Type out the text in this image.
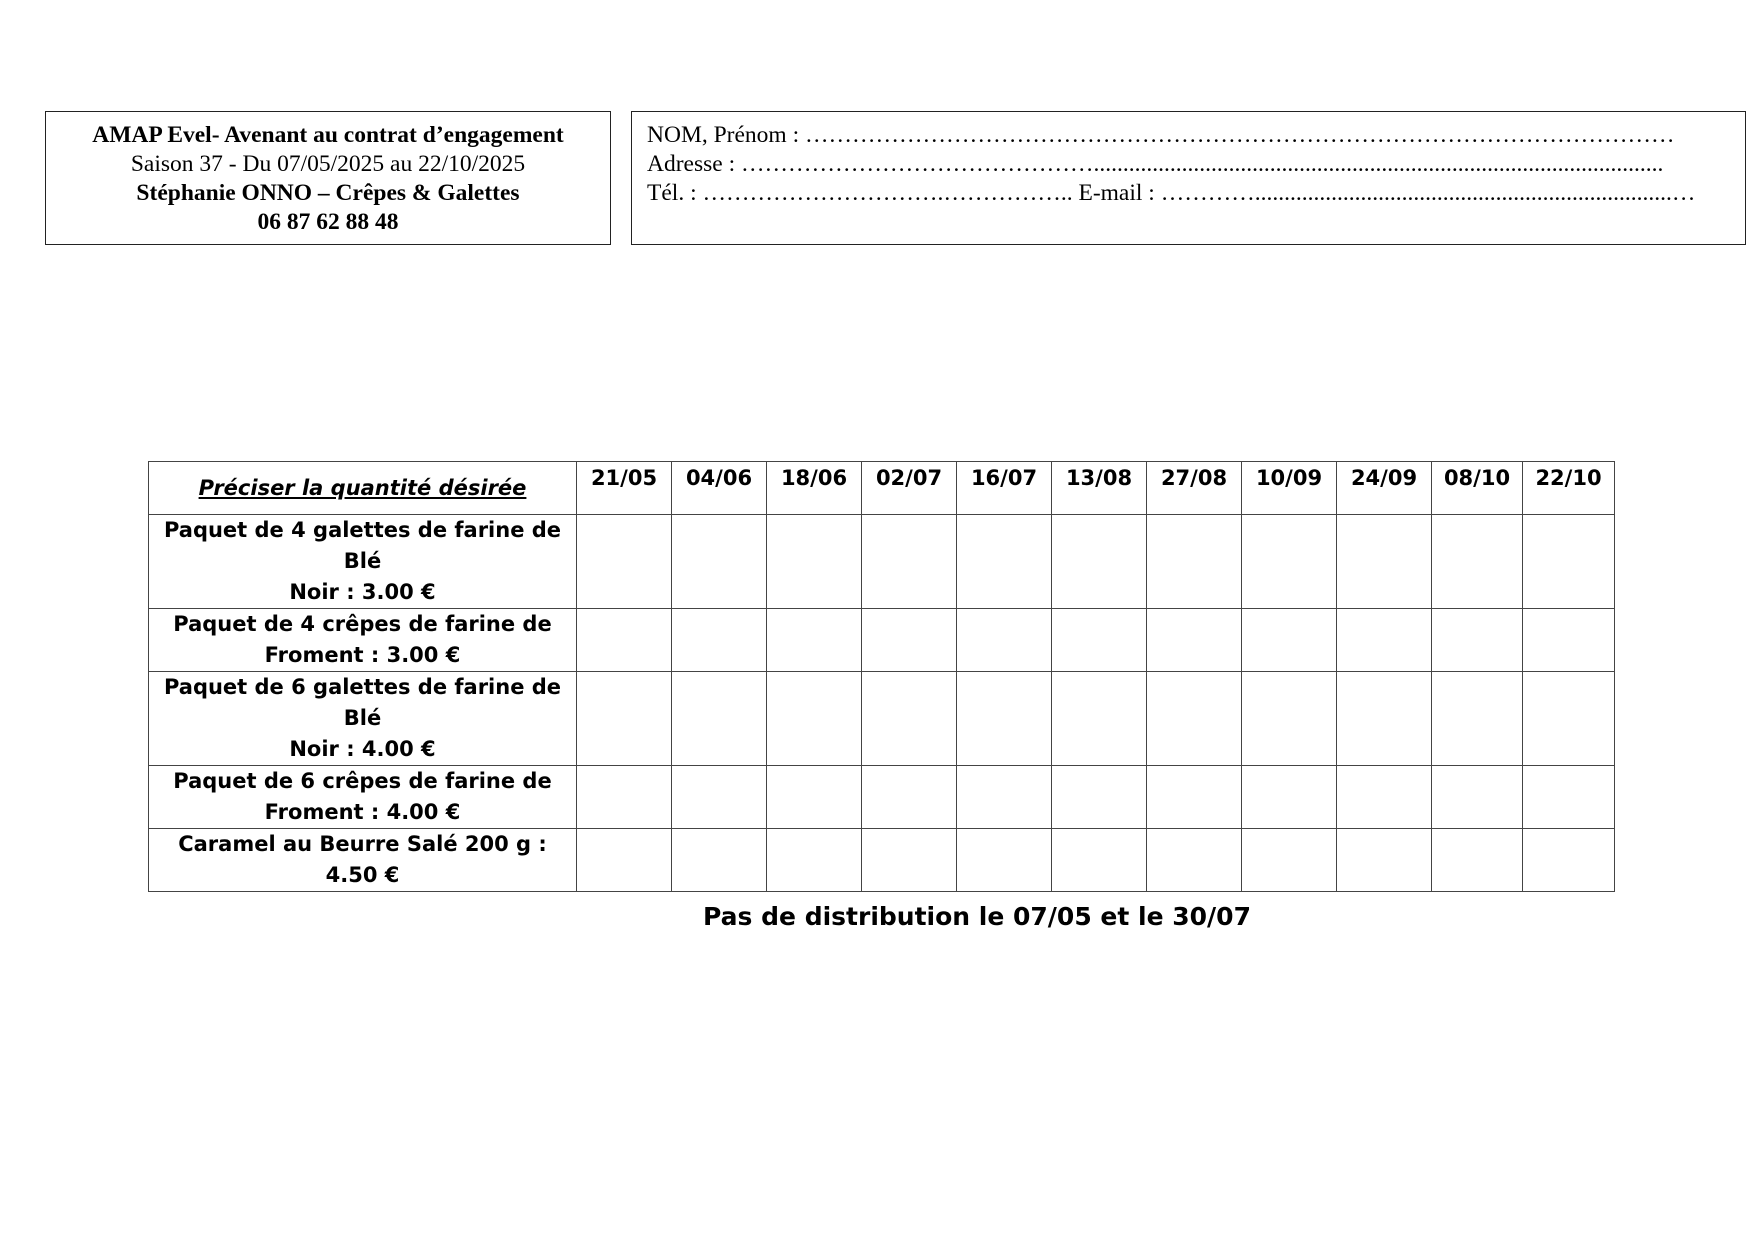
AMAP Evel- Avenant au contrat d’engagement
Saison 37 - Du 07/05/2025 au 22/10/2025
Stéphanie ONNO – Crêpes & Galettes
06 87 62 88 48
NOM, Prénom : …………………………………………………………………………………………………
Adresse : ……………………………………….................................................................................................
Tél. : ………………………….…………….. E-mail : ………….......................................................................…
Préciser la quantité désirée	21/05	04/06	18/06	02/07	16/07	13/08	27/08	10/09	24/09	08/10	22/10

Paquet de 4 galettes de farine de Blé
Noir : 3.00 €											

Paquet de 4 crêpes de farine de
Froment : 3.00 €											

Paquet de 6 galettes de farine de Blé
Noir : 4.00 €											

Paquet de 6 crêpes de farine de
Froment : 4.00 €											

Caramel au Beurre Salé 200 g : 4.50 €											

Pas de distribution le 07/05 et le 30/07
